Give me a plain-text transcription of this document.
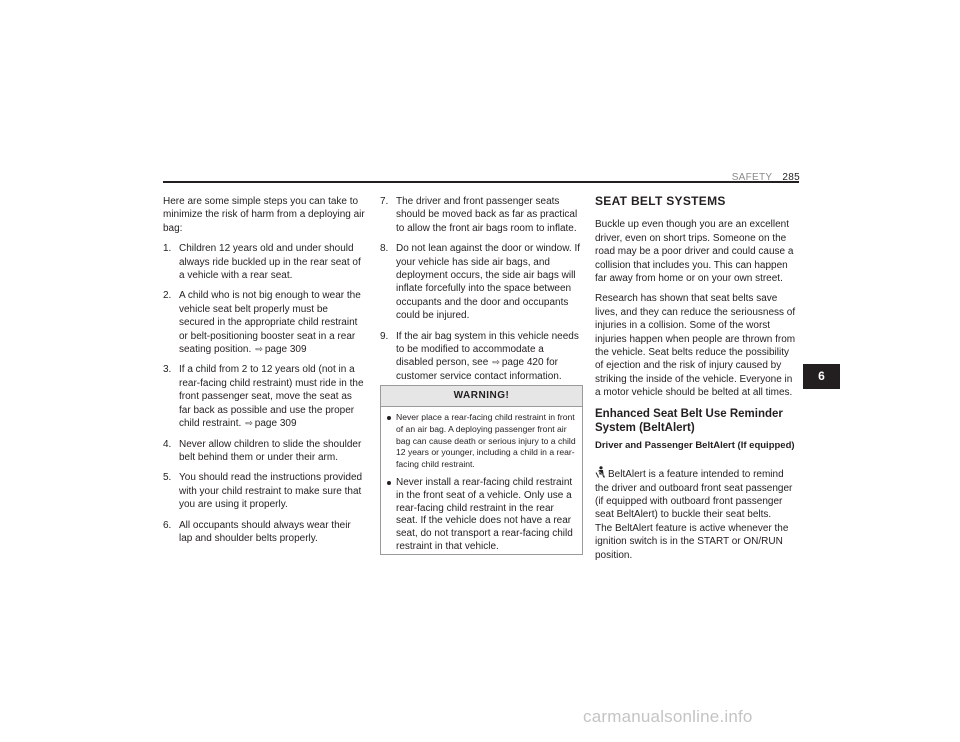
SAFETY 285

Here are some simple steps you can take to minimize the risk of harm from a deploying air bag:

1. Children 12 years old and under should always ride buckled up in the rear seat of a vehicle with a rear seat.
2. A child who is not big enough to wear the vehicle seat belt properly must be secured in the appropriate child restraint or belt-positioning booster seat in a rear seating position. ⇨ page 309
3. If a child from 2 to 12 years old (not in a rear-facing child restraint) must ride in the front passenger seat, move the seat as far back as possible and use the proper child restraint. ⇨ page 309
4. Never allow children to slide the shoulder belt behind them or under their arm.
5. You should read the instructions provided with your child restraint to make sure that you are using it properly.
6. All occupants should always wear their lap and shoulder belts properly.
7. The driver and front passenger seats should be moved back as far as practical to allow the front air bags room to inflate.
8. Do not lean against the door or window. If your vehicle has side air bags, and deployment occurs, the side air bags will inflate forcefully into the space between occupants and the door and occupants could be injured.
9. If the air bag system in this vehicle needs to be modified to accommodate a disabled person, see ⇨ page 420 for customer service contact information.
WARNING!
Never place a rear-facing child restraint in front of an air bag. A deploying passenger front air bag can cause death or serious injury to a child 12 years or younger, including a child in a rear-facing child restraint.
Never install a rear-facing child restraint in the front seat of a vehicle. Only use a rear-facing child restraint in the rear seat. If the vehicle does not have a rear seat, do not transport a rear-facing child restraint in that vehicle.
SEAT BELT SYSTEMS

Buckle up even though you are an excellent driver, even on short trips. Someone on the road may be a poor driver and could cause a collision that includes you. This can happen far away from home or on your own street.

Research has shown that seat belts save lives, and they can reduce the seriousness of injuries in a collision. Some of the worst injuries happen when people are thrown from the vehicle. Seat belts reduce the possibility of ejection and the risk of injury caused by striking the inside of the vehicle. Everyone in a motor vehicle should be belted at all times.

Enhanced Seat Belt Use Reminder System (BeltAlert)
Driver and Passenger BeltAlert (If equipped)
BeltAlert is a feature intended to remind the driver and outboard front seat passenger (if equipped with outboard front passenger seat BeltAlert) to buckle their seat belts.
The BeltAlert feature is active whenever the ignition switch is in the START or ON/RUN position.
6
carmanualsonline.info
